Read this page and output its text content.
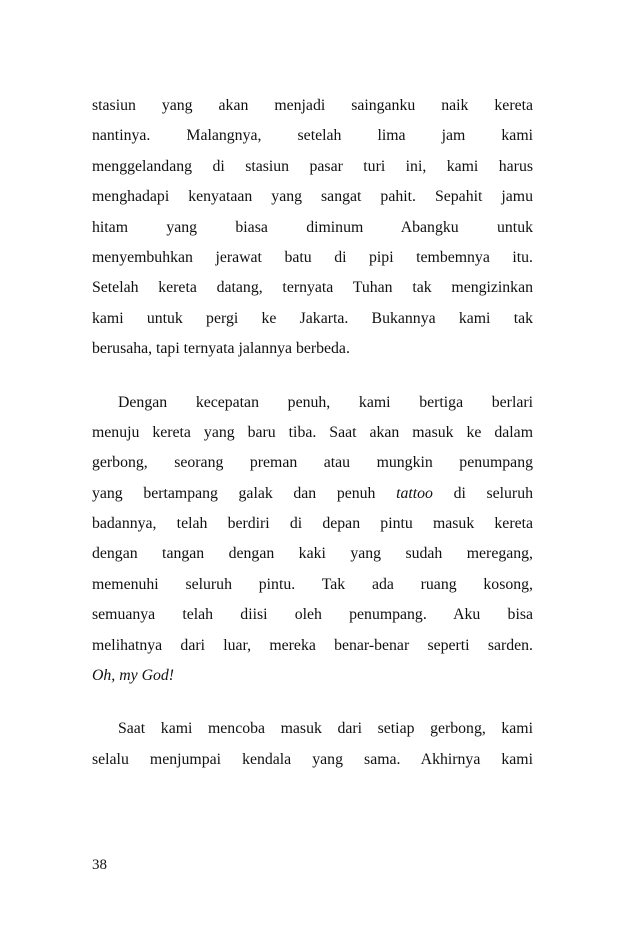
stasiun yang akan menjadi sainganku naik kereta
nantinya. Malangnya, setelah lima jam kami
menggelandang di stasiun pasar turi ini, kami harus
menghadapi kenyataan yang sangat pahit. Sepahit jamu
hitam yang biasa diminum Abangku untuk
menyembuhkan jerawat batu di pipi tembemnya itu.
Setelah kereta datang, ternyata Tuhan tak mengizinkan
kami untuk pergi ke Jakarta. Bukannya kami tak
berusaha, tapi ternyata jalannya berbeda.
Dengan kecepatan penuh, kami bertiga berlari
menuju kereta yang baru tiba. Saat akan masuk ke dalam
gerbong, seorang preman atau mungkin penumpang
yang bertampang galak dan penuh tattoo di seluruh
badannya, telah berdiri di depan pintu masuk kereta
dengan tangan dengan kaki yang sudah meregang,
memenuhi seluruh pintu. Tak ada ruang kosong,
semuanya telah diisi oleh penumpang. Aku bisa
melihatnya dari luar, mereka benar-benar seperti sarden.
Oh, my God!
Saat kami mencoba masuk dari setiap gerbong, kami
selalu menjumpai kendala yang sama. Akhirnya kami
38
